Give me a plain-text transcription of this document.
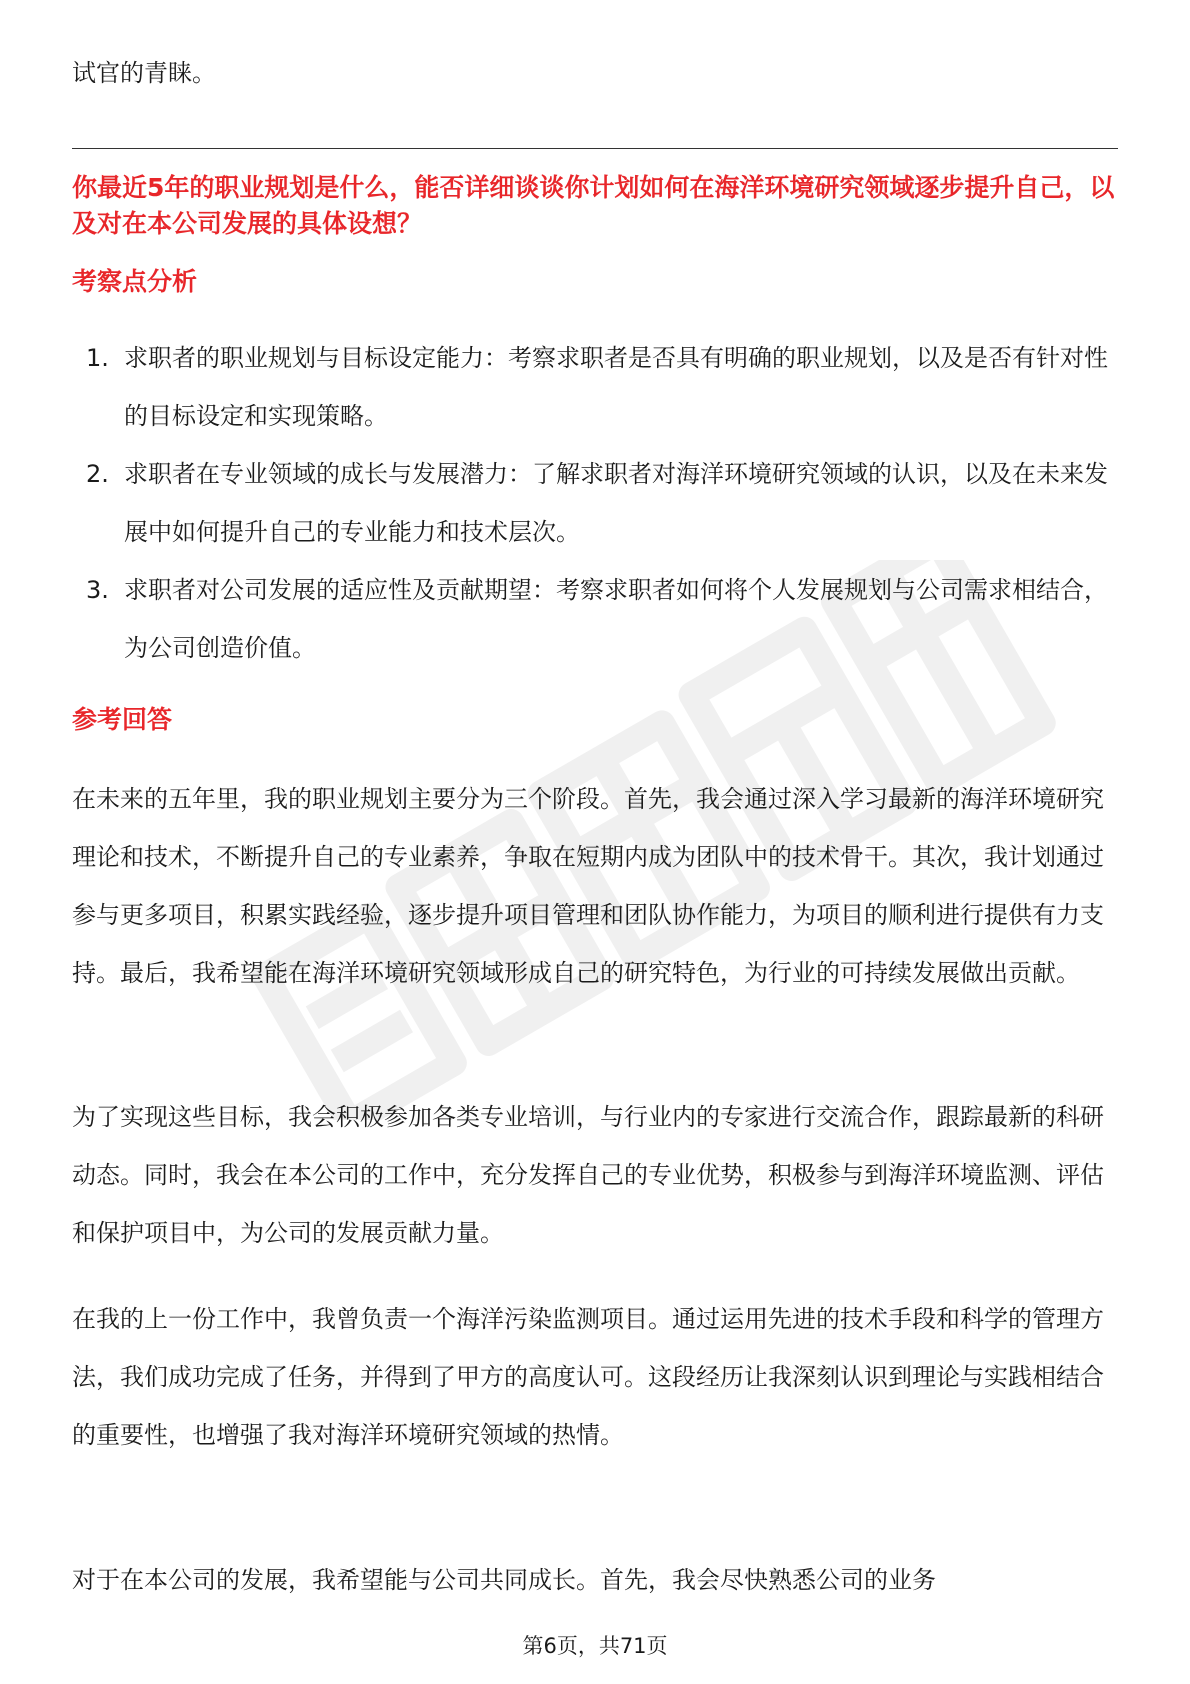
试官的青睐。

你最近5年的职业规划是什么，能否详细谈谈你计划如何在海洋环境研究领域逐步提升自己，以及对在本公司发展的具体设想？
考察点分析
1. 求职者的职业规划与目标设定能力：考察求职者是否具有明确的职业规划，以及是否有针对性的目标设定和实现策略。
2. 求职者在专业领域的成长与发展潜力：了解求职者对海洋环境研究领域的认识，以及在未来发展中如何提升自己的专业能力和技术层次。
3. 求职者对公司发展的适应性及贡献期望：考察求职者如何将个人发展规划与公司需求相结合，为公司创造价值。
参考回答

在未来的五年里，我的职业规划主要分为三个阶段。首先，我会通过深入学习最新的海洋环境研究理论和技术，不断提升自己的专业素养，争取在短期内成为团队中的技术骨干。其次，我计划通过参与更多项目，积累实践经验，逐步提升项目管理和团队协作能力，为项目的顺利进行提供有力支持。最后，我希望能在海洋环境研究领域形成自己的研究特色，为行业的可持续发展做出贡献。

为了实现这些目标，我会积极参加各类专业培训，与行业内的专家进行交流合作，跟踪最新的科研动态。同时，我会在本公司的工作中，充分发挥自己的专业优势，积极参与到海洋环境监测、评估和保护项目中，为公司的发展贡献力量。

在我的上一份工作中，我曾负责一个海洋污染监测项目。通过运用先进的技术手段和科学的管理方法，我们成功完成了任务，并得到了甲方的高度认可。这段经历让我深刻认识到理论与实践相结合的重要性，也增强了我对海洋环境研究领域的热情。

对于在本公司的发展，我希望能与公司共同成长。首先，我会尽快熟悉公司的业务

第6页，共71页
